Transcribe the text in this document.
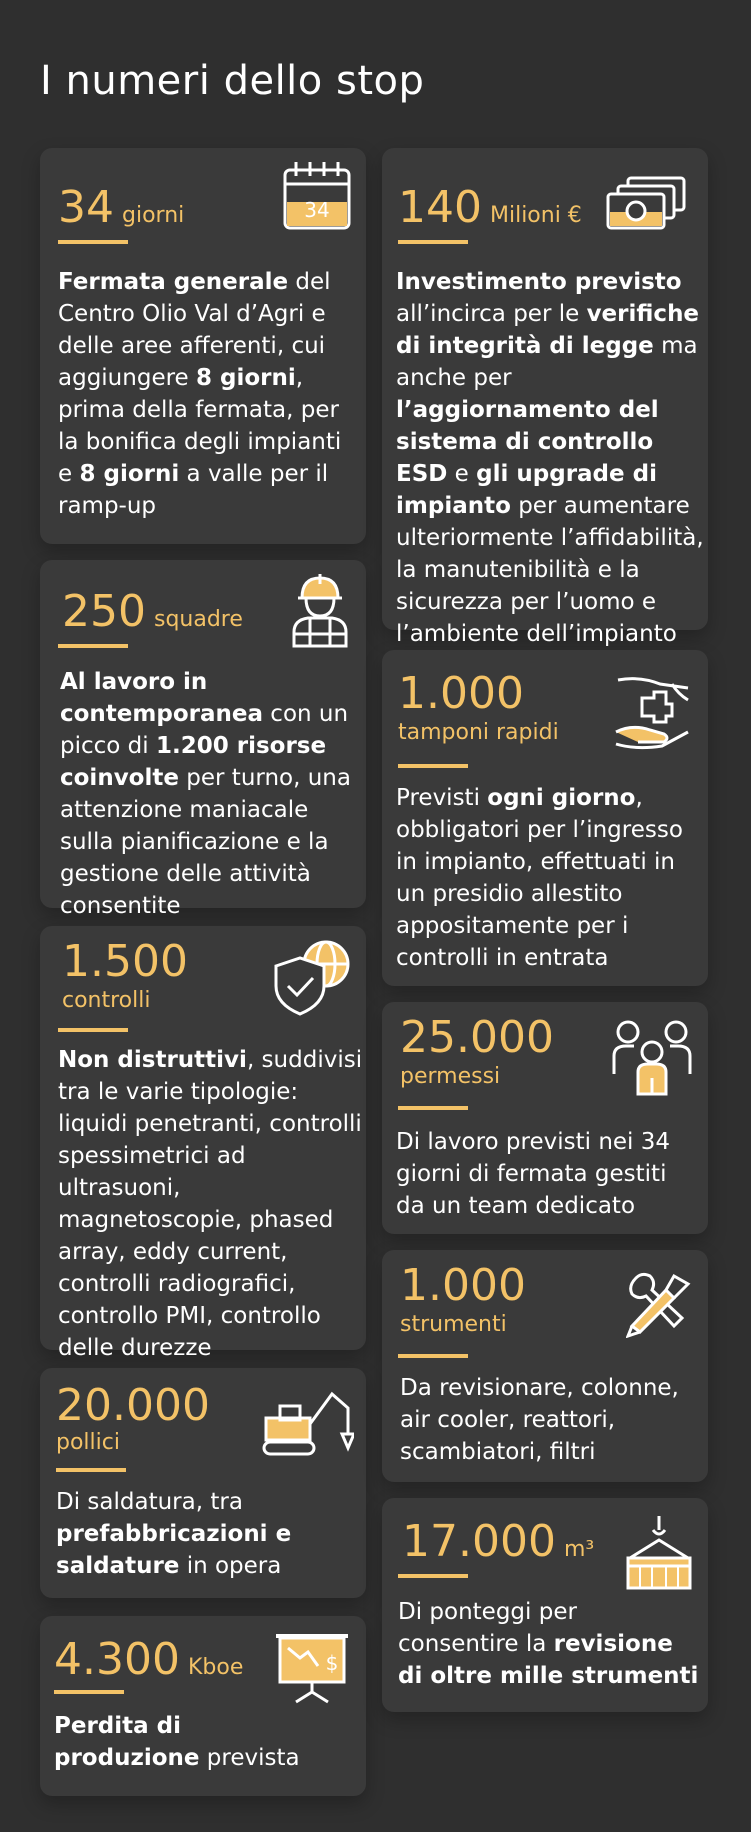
I numeri dello stop
34 giorni	34
Fermata generale del Centro Olio Val d’Agri e delle aree afferenti, cui aggiungere 8 giorni, prima della fermata, per la bonifica degli impianti e 8 giorni a valle per il ramp-up
250 squadre
Al lavoro in contemporanea con un picco di 1.200 risorse coinvolte per turno, una attenzione maniacale sulla pianificazione e la gestione delle attività consentite
1.500
controlli
Non distruttivi, suddivisi tra le varie tipologie: liquidi penetranti, controlli spessimetrici ad ultrasuoni, magnetoscopie, phased array, eddy current, controlli radiografici, controllo PMI, controllo delle durezze
20.000
pollici
Di saldatura, tra prefabbricazioni e saldature in opera
4.300 Kboe	$
Perdita di produzione prevista
140 Milioni €
Investimento previsto all’incirca per le verifiche di integrità di legge ma anche per l’aggiornamento del sistema di controllo ESD e gli upgrade di impianto per aumentare ulteriormente l’affidabilità, la manutenibilità e la sicurezza per l’uomo e l’ambiente dell’impianto
1.000
tamponi rapidi
Previsti ogni giorno, obbligatori per l’ingresso in impianto, effettuati in un presidio allestito appositamente per i controlli in entrata
25.000
permessi
Di lavoro previsti nei 34 giorni di fermata gestiti da un team dedicato
1.000
strumenti
Da revisionare, colonne, air cooler, reattori, scambiatori, filtri
17.000 m³
Di ponteggi per consentire la revisione di oltre mille strumenti
